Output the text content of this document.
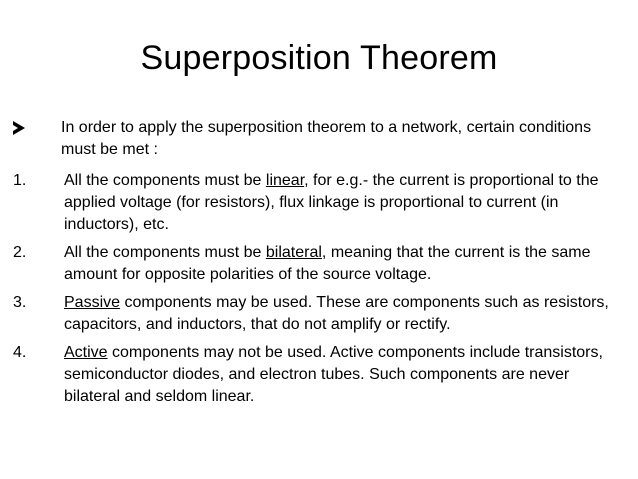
Superposition Theorem
In order to apply the superposition theorem to a network, certain conditions must be met :
1. All the components must be linear, for e.g.- the current is proportional to the applied voltage (for resistors), flux linkage is proportional to current (in inductors), etc.
2. All the components must be bilateral, meaning that the current is the same amount for opposite polarities of the source voltage.
3. Passive components may be used. These are components such as resistors, capacitors, and inductors, that do not amplify or rectify.
4. Active components may not be used. Active components include transistors, semiconductor diodes, and electron tubes. Such components are never bilateral and seldom linear.
